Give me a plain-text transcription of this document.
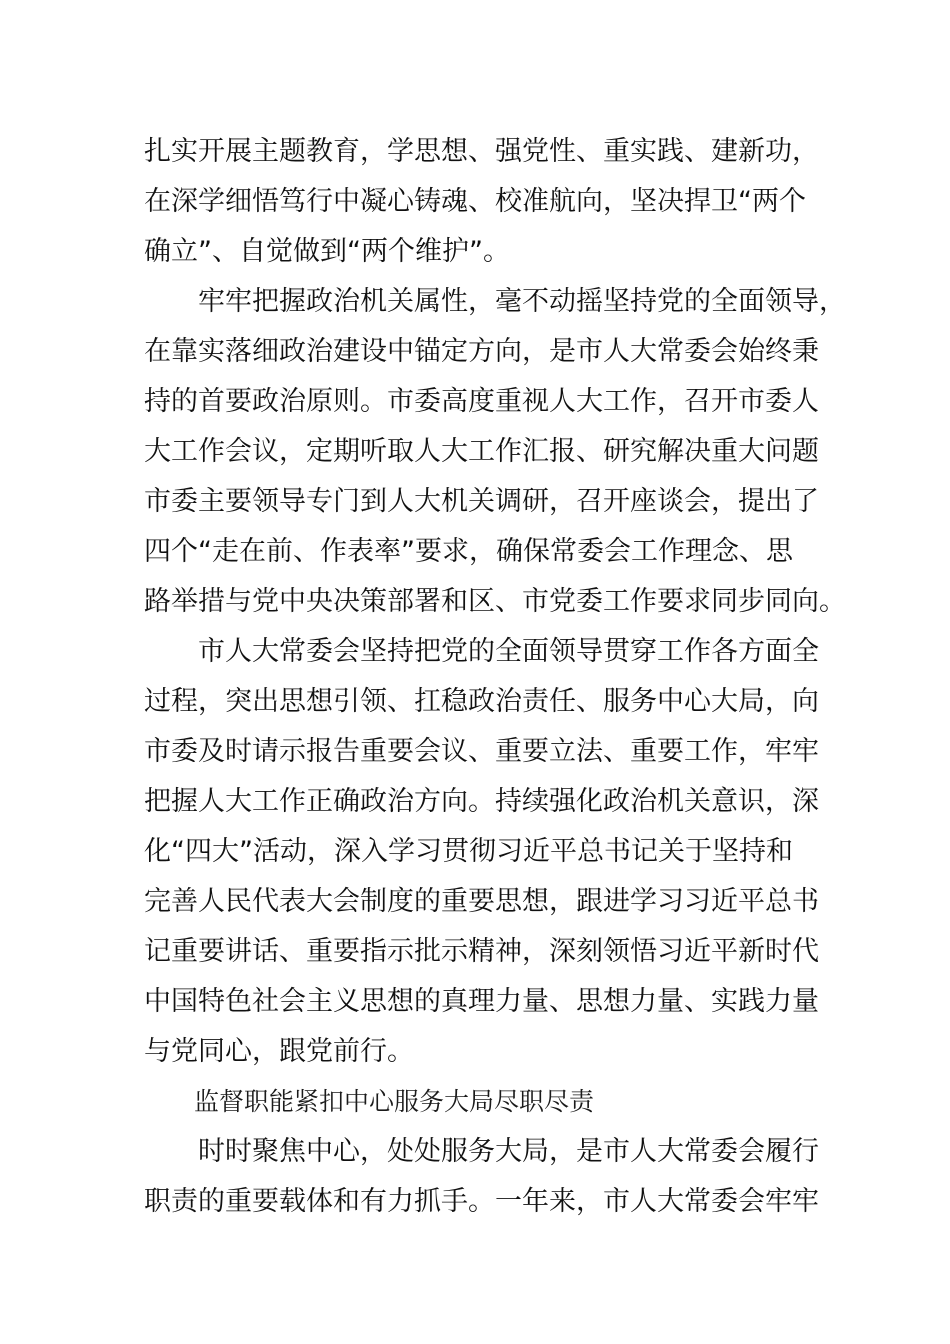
扎实开展主题教育，学思想、强党性、重实践、建新功，
在深学细悟笃行中凝心铸魂、校准航向，坚决捍卫“两个
确立”、自觉做到“两个维护”。
　　牢牢把握政治机关属性，毫不动摇坚持党的全面领导，
在靠实落细政治建设中锚定方向，是市人大常委会始终秉
持的首要政治原则。市委高度重视人大工作，召开市委人
大工作会议，定期听取人大工作汇报、研究解决重大问题
市委主要领导专门到人大机关调研，召开座谈会，提出了
四个“走在前、作表率”要求，确保常委会工作理念、思
路举措与党中央决策部署和区、市党委工作要求同步同向。
　　市人大常委会坚持把党的全面领导贯穿工作各方面全
过程，突出思想引领、扛稳政治责任、服务中心大局，向
市委及时请示报告重要会议、重要立法、重要工作，牢牢
把握人大工作正确政治方向。持续强化政治机关意识，深
化“四大”活动，深入学习贯彻习近平总书记关于坚持和
完善人民代表大会制度的重要思想，跟进学习习近平总书
记重要讲话、重要指示批示精神，深刻领悟习近平新时代
中国特色社会主义思想的真理力量、思想力量、实践力量
与党同心，跟党前行。
　　监督职能紧扣中心服务大局尽职尽责
　　时时聚焦中心，处处服务大局，是市人大常委会履行
职责的重要载体和有力抓手。一年来，市人大常委会牢牢
